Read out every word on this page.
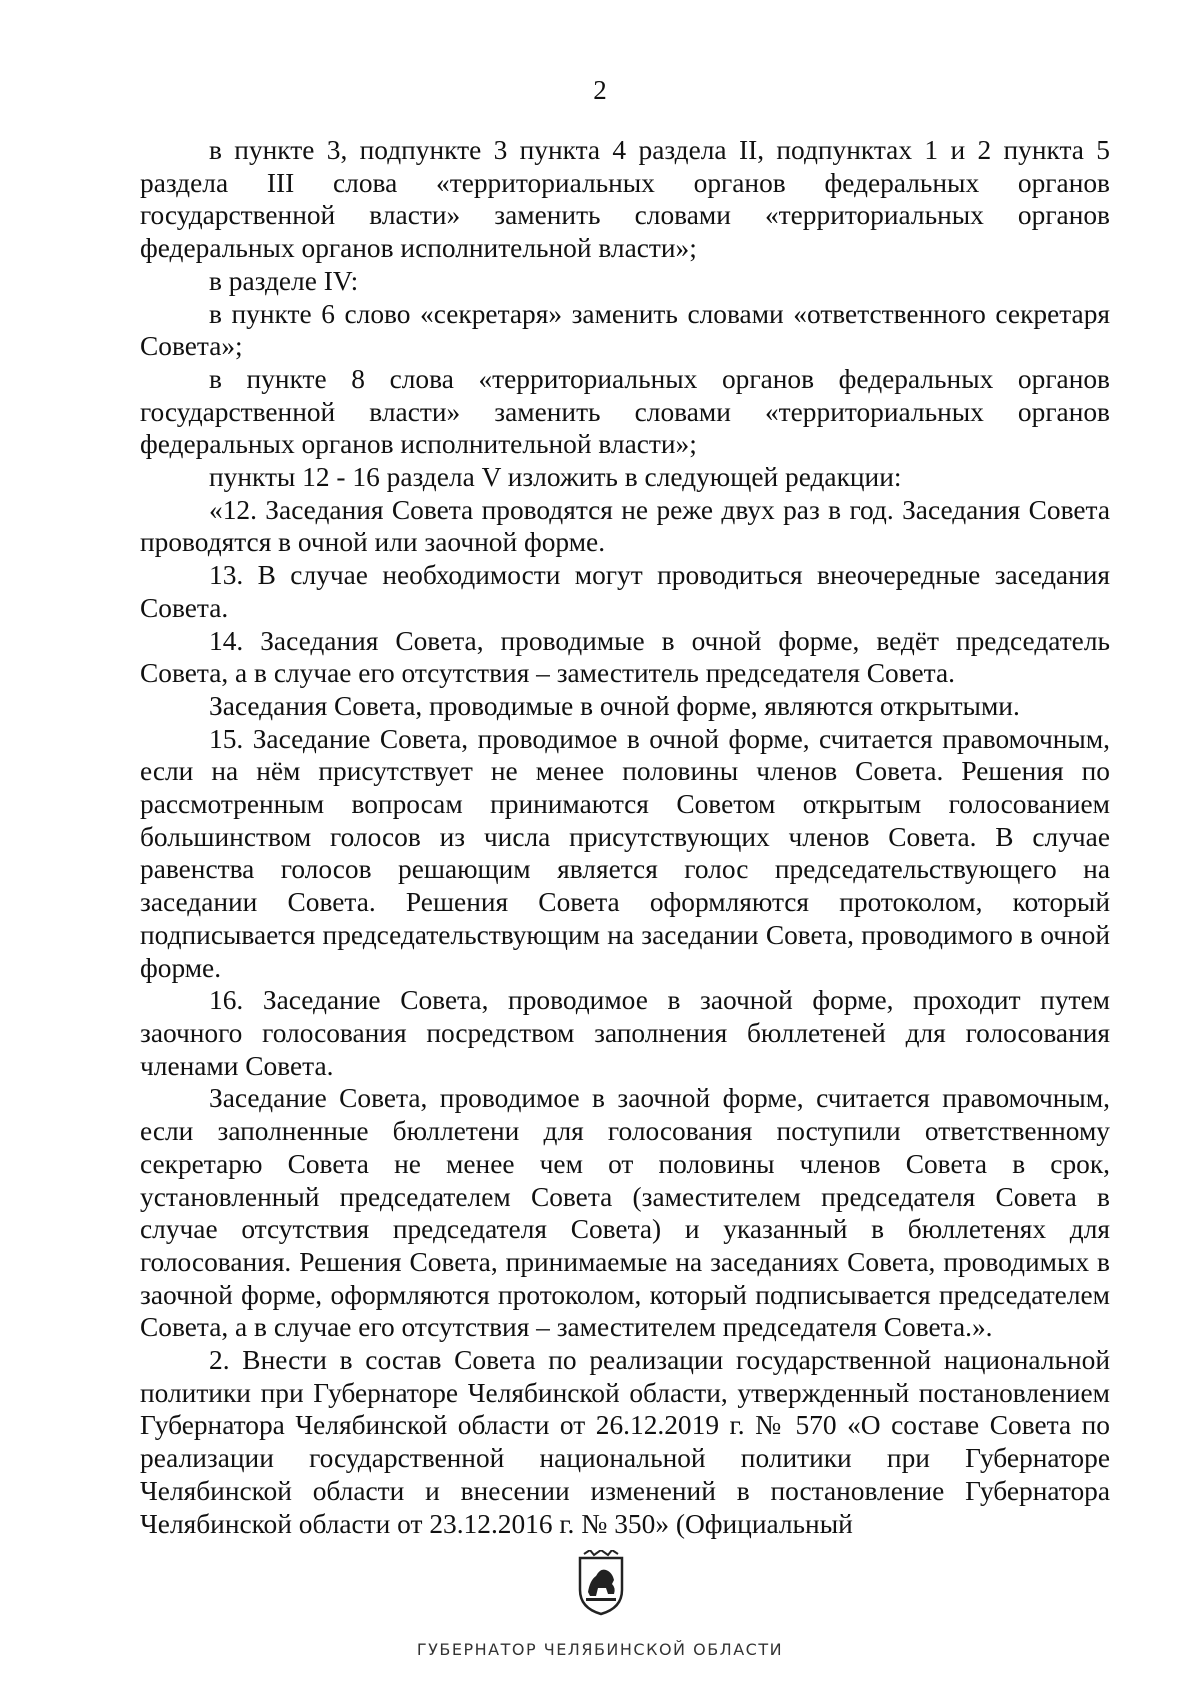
2

в пункте 3, подпункте 3 пункта 4 раздела II, подпунктах 1 и 2 пункта 5 раздела III слова «территориальных органов федеральных органов государственной власти» заменить словами «территориальных органов федеральных органов исполнительной власти»;

в разделе IV:

в пункте 6 слово «секретаря» заменить словами «ответственного секретаря Совета»;

в пункте 8 слова «территориальных органов федеральных органов государственной власти» заменить словами «территориальных органов федеральных органов исполнительной власти»;

пункты 12 - 16 раздела V изложить в следующей редакции:

«12. Заседания Совета проводятся не реже двух раз в год. Заседания Совета проводятся в очной или заочной форме.

13. В случае необходимости могут проводиться внеочередные заседания Совета.

14. Заседания Совета, проводимые в очной форме, ведёт председатель Совета, а в случае его отсутствия – заместитель председателя Совета.

Заседания Совета, проводимые в очной форме, являются открытыми.

15. Заседание Совета, проводимое в очной форме, считается правомочным, если на нём присутствует не менее половины членов Совета. Решения по рассмотренным вопросам принимаются Советом открытым голосованием большинством голосов из числа присутствующих членов Совета. В случае равенства голосов решающим является голос председательствующего на заседании Совета. Решения Совета оформляются протоколом, который подписывается председательствующим на заседании Совета, проводимого в очной форме.

16. Заседание Совета, проводимое в заочной форме, проходит путем заочного голосования посредством заполнения бюллетеней для голосования членами Совета.

Заседание Совета, проводимое в заочной форме, считается правомочным, если заполненные бюллетени для голосования поступили ответственному секретарю Совета не менее чем от половины членов Совета в срок, установленный председателем Совета (заместителем председателя Совета в случае отсутствия председателя Совета) и указанный в бюллетенях для голосования. Решения Совета, принимаемые на заседаниях Совета, проводимых в заочной форме, оформляются протоколом, который подписывается председателем Совета, а в случае его отсутствия – заместителем председателя Совета.».

2. Внести в состав Совета по реализации государственной национальной политики при Губернаторе Челябинской области, утвержденный постановлением Губернатора Челябинской области от 26.12.2019 г. № 570 «О составе Совета по реализации государственной национальной политики при Губернаторе Челябинской области и внесении изменений в постановление Губернатора Челябинской области от 23.12.2016 г. № 350» (Официальный

ГУБЕРНАТОР ЧЕЛЯБИНСКОЙ ОБЛАСТИ
